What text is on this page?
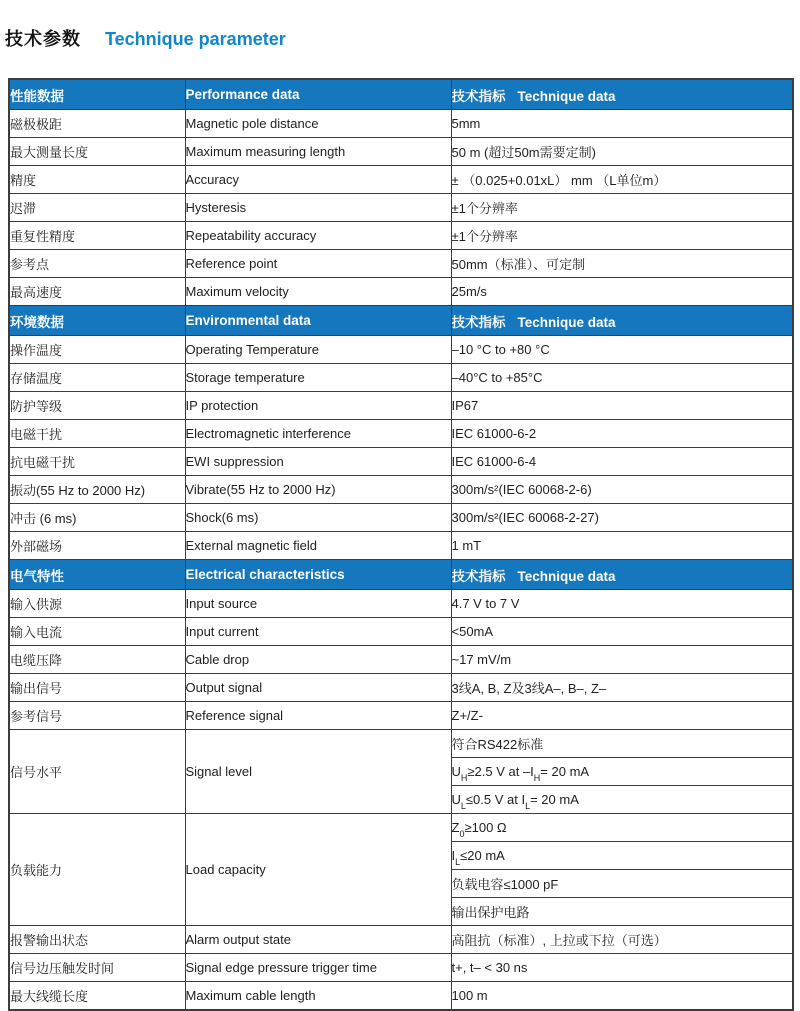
技术参数 Technique parameter
性能数据	Performance data	技术指标 Technique data
磁极极距	Magnetic pole distance	5mm
最大测量长度	Maximum measuring length	50 m (超过50m需要定制)
精度	Accuracy	± （0.025+0.01xL） mm （L单位m）
迟滞	Hysteresis	±1个分辨率
重复性精度	Repeatability accuracy	±1个分辨率
参考点	Reference point	50mm（标准）、可定制
最高速度	Maximum velocity	25m/s
环境数据	Environmental data	技术指标 Technique data
操作温度	Operating Temperature	–10 °C to +80 °C
存储温度	Storage temperature	–40°C to +85°C
防护等级	IP protection	IP67
电磁干扰	Electromagnetic interference	IEC 61000-6-2
抗电磁干扰	EWI suppression	IEC 61000-6-4
振动(55 Hz to 2000 Hz)	Vibrate(55 Hz to 2000 Hz)	300m/s²(IEC 60068-2-6)
冲击 (6 ms)	Shock(6 ms)	300m/s²(IEC 60068-2-27)
外部磁场	External magnetic field	1 mT
电气特性	Electrical characteristics	技术指标 Technique data
输入供源	Input source	4.7 V to 7 V
输入电流	Input current	<50mA
电缆压降	Cable drop	~17 mV/m
输出信号	Output signal	3线A, B, Z及3线A–, B–, Z–
参考信号	Reference signal	Z+/Z-
信号水平	Signal level	符合RS422标准
		$U_H\ge 2.5$ V at $-I_H= 20$ mA
		$U_L\le 0.5$ V at $I_L= 20$ mA
负载能力	Load capacity	$Z_0\ge 100$ Ω
		$I_L\le 20$ mA
		负载电容≤1000 pF
		输出保护电路
报警输出状态	Alarm output state	高阻抗（标准）, 上拉或下拉（可选）
信号边压触发时间	Signal edge pressure trigger time	t+, t– < 30 ns
最大线缆长度	Maximum cable length	100 m
